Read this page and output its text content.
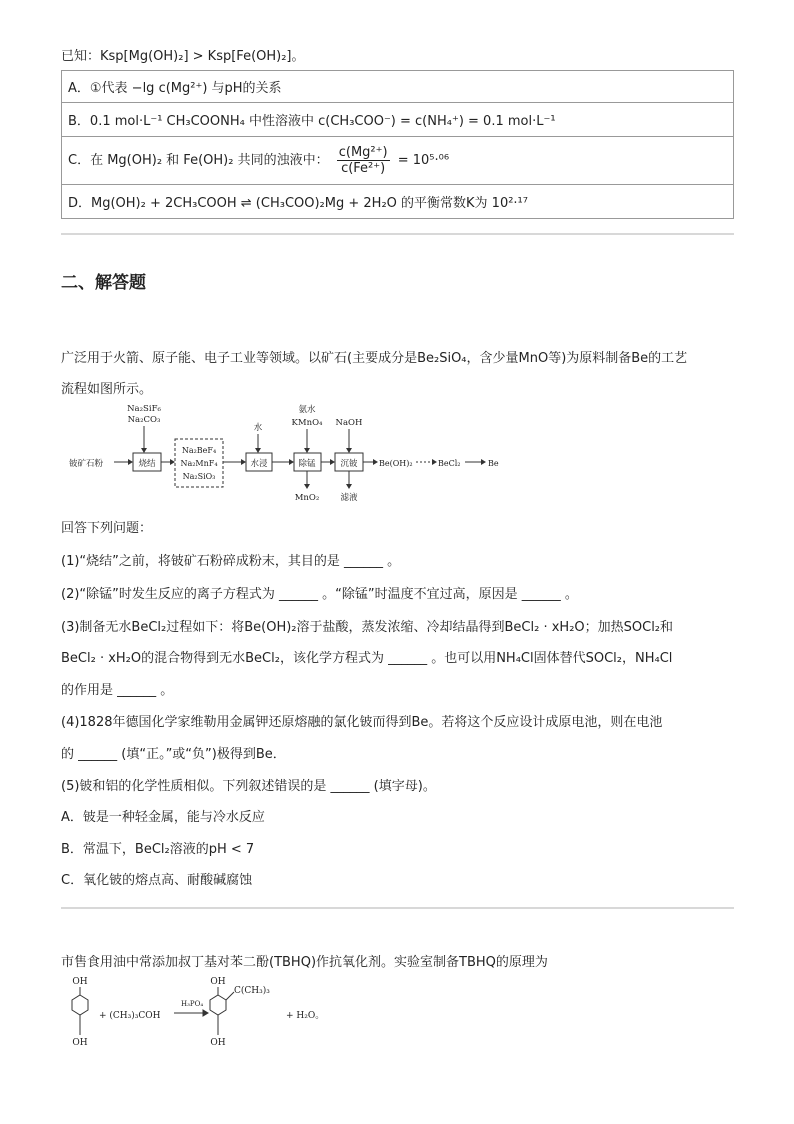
已知：Ksp[Mg(OH)₂] > Ksp[Fe(OH)₂]。
A．①代表 −lg c(Mg²⁺) 与pH的关系
B．0.1 mol·L⁻¹ CH₃COONH₄ 中性溶液中 c(CH₃COO⁻) = c(NH₄⁺) = 0.1 mol·L⁻¹
C．在 Mg(OH)₂ 和 Fe(OH)₂ 共同的浊液中： $\frac{\text{c(Mg²⁺)}}{\text{c(Fe²⁺)}} = 10^5\cdot^{06}$
D．Mg(OH)₂ + 2CH₃COOH ⇌ (CH₃COO)₂Mg + 2H₂O 的平衡常数K为 10²·¹⁷
二、解答题
广泛用于火箭、原子能、电子工业等领域。以矿石(主要成分是Be₂SiO₄，含少量MnO等)为原料制备Be的工艺
流程如图所示。
Na₂SiF₆
Na₂CO₃
铍矿石粉	烧结
Na₂BeF₄
Na₂MnF₄
Na₂SiO₃
水
水浸
氨水
KMnO₄
除锰
MnO₂
NaOH
沉铍
滤液
Be(OH)₂	BeCl₂	Be
回答下列问题：
(1)“烧结”之前，将铍矿石粉碎成粉末，其目的是 ______ 。
(2)“除锰”时发生反应的离子方程式为 ______ 。“除锰”时温度不宜过高，原因是 ______ 。
(3)制备无水BeCl₂过程如下：将Be(OH)₂溶于盐酸，蒸发浓缩、冷却结晶得到BeCl₂ · xH₂O；加热SOCl₂和
BeCl₂ · xH₂O的混合物得到无水BeCl₂，该化学方程式为 ______ 。也可以用NH₄Cl固体替代SOCl₂，NH₄Cl
的作用是 ______ 。
(4)1828年德国化学家维勒用金属钾还原熔融的氯化铍而得到Be。若将这个反应设计成原电池，则在电池
的 ______ (填“正。”或“负”)极得到Be．
(5)铍和铝的化学性质相似。下列叙述错误的是 ______ (填字母)。
A．铍是一种轻金属，能与冷水反应
B．常温下，BeCl₂溶液的pH < 7
C．氧化铍的熔点高、耐酸碱腐蚀
市售食用油中常添加叔丁基对苯二酚(TBHQ)作抗氧化剂。实验室制备TBHQ的原理为
OH
OH
+ (CH₃)₃COH
H₃PO₄
OH
C(CH₃)₃
OH
+ H₂O。
